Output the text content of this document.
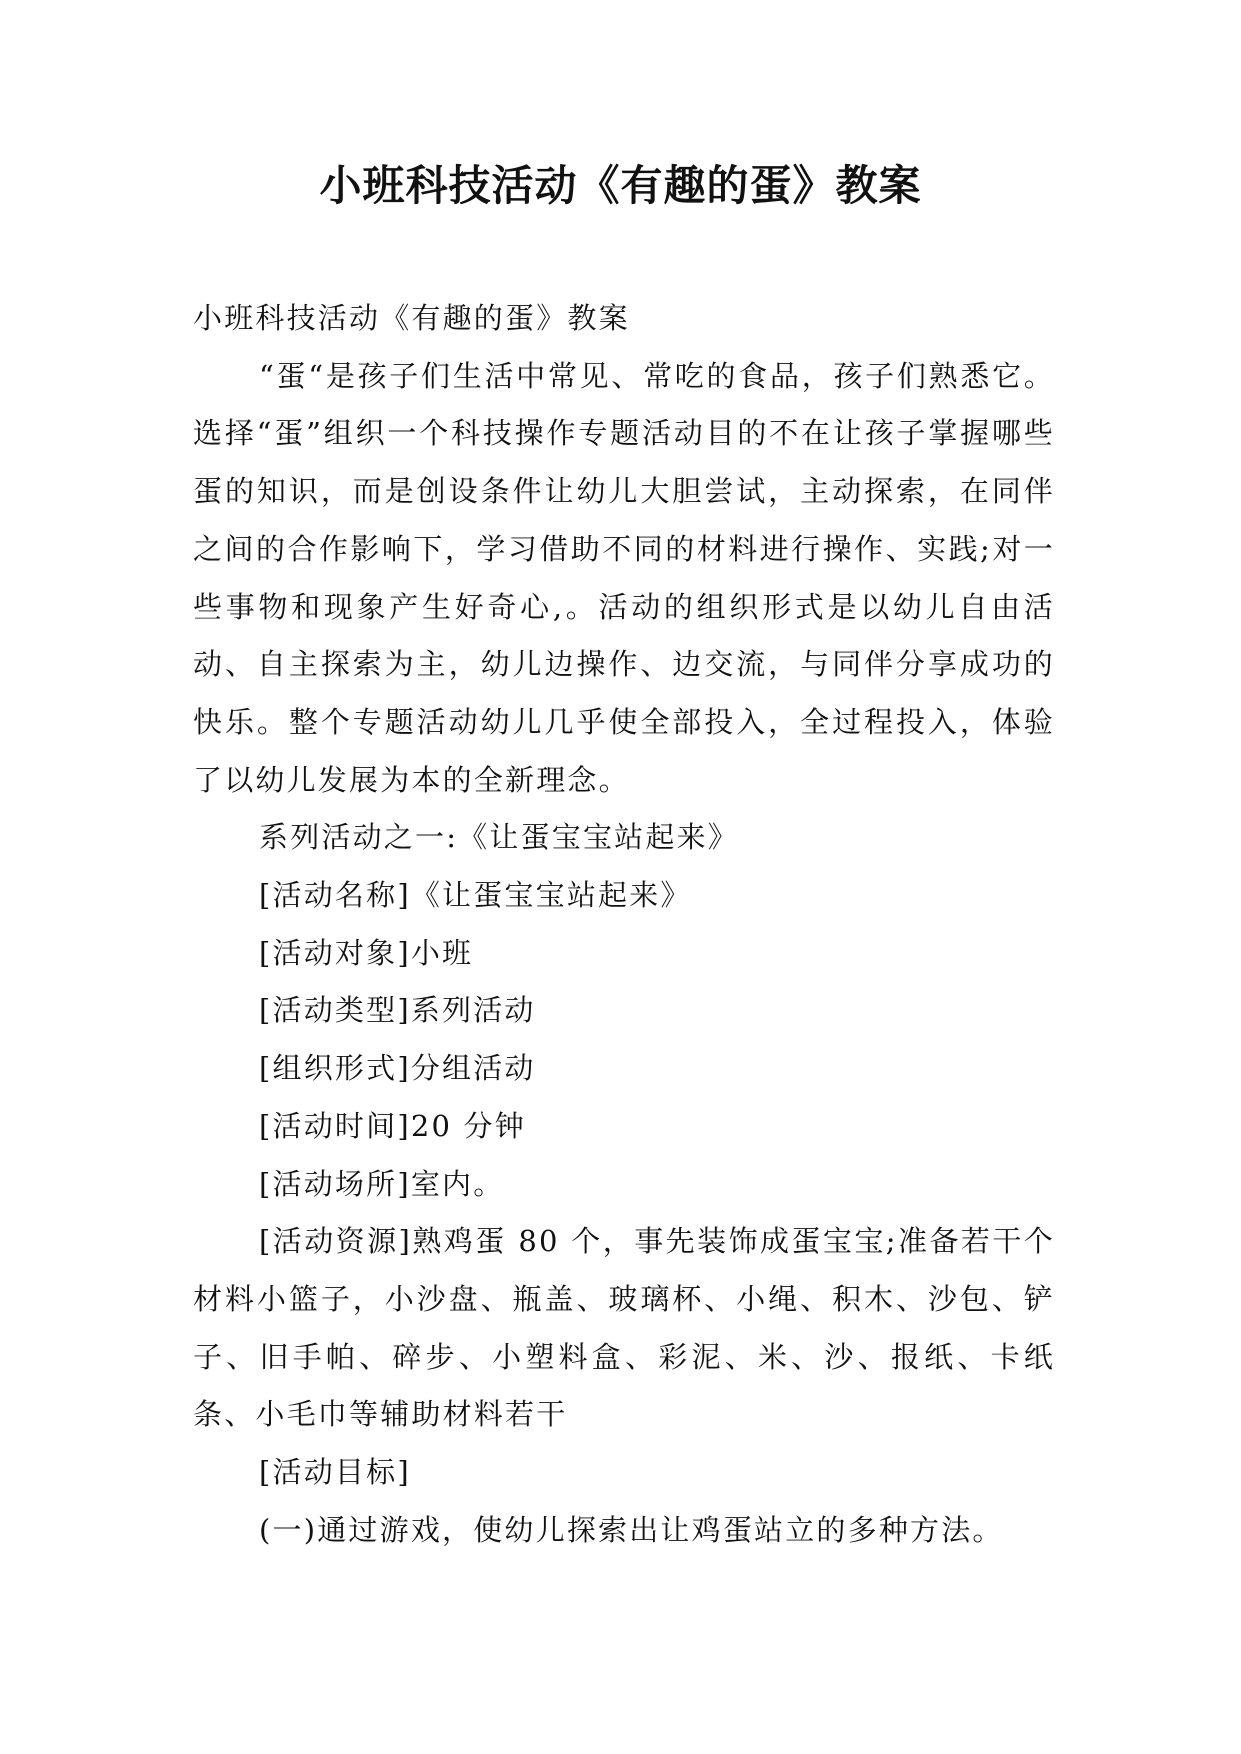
小班科技活动《有趣的蛋》教案

小班科技活动《有趣的蛋》教案

“蛋“是孩子们生活中常见、常吃的食品，孩子们熟悉它。选择“蛋”组织一个科技操作专题活动目的不在让孩子掌握哪些蛋的知识，而是创设条件让幼儿大胆尝试，主动探索，在同伴之间的合作影响下，学习借助不同的材料进行操作、实践;对一些事物和现象产生好奇心,。活动的组织形式是以幼儿自由活动、自主探索为主，幼儿边操作、边交流，与同伴分享成功的快乐。整个专题活动幼儿几乎使全部投入，全过程投入，体验了以幼儿发展为本的全新理念。

系列活动之一:《让蛋宝宝站起来》

[活动名称]《让蛋宝宝站起来》

[活动对象]小班

[活动类型]系列活动

[组织形式]分组活动

[活动时间]20 分钟

[活动场所]室内。

[活动资源]熟鸡蛋 80 个，事先装饰成蛋宝宝;准备若干个材料小篮子，小沙盘、瓶盖、玻璃杯、小绳、积木、沙包、铲子、旧手帕、碎步、小塑料盒、彩泥、米、沙、报纸、卡纸条、小毛巾等辅助材料若干

[活动目标]

(一)通过游戏，使幼儿探索出让鸡蛋站立的多种方法。
